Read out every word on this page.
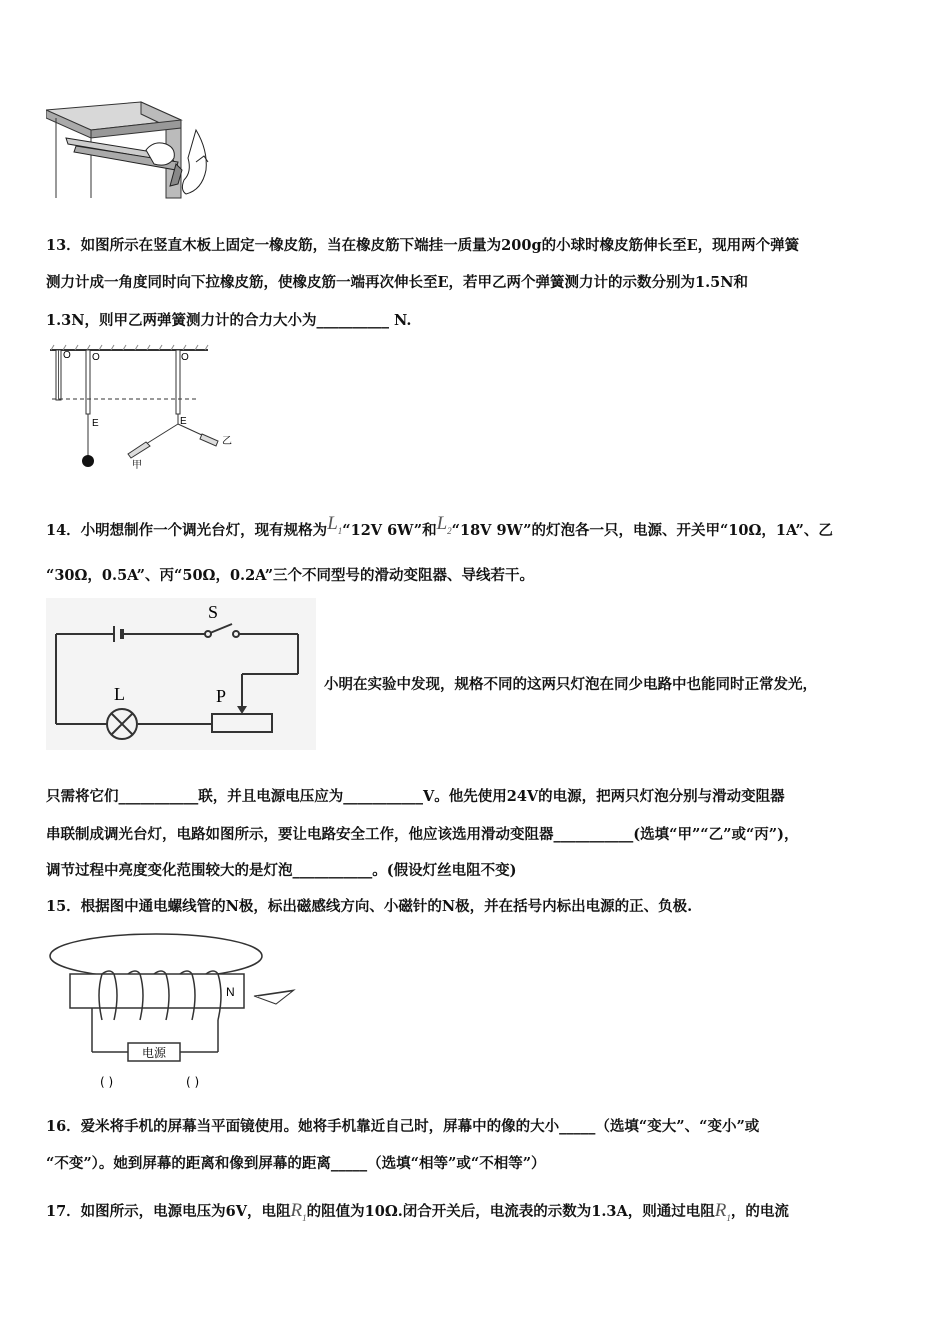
13．如图所示在竖直木板上固定一橡皮筋，当在橡皮筋下端挂一质量为200g的小球时橡皮筋伸长至E，现用两个弹簧
测力计成一角度同时向下拉橡皮筋，使橡皮筋一端再次伸长至E，若甲乙两个弹簧测力计的示数分别为1.5N和
1.3N，则甲乙两弹簧测力计的合力大小为__________ N.
O O	O
E	E
甲
乙
14．小明想制作一个调光台灯，现有规格为$L_1“12V$ 6W”和$L_2“18V$ 9W”的灯泡各一只，电源、开关甲“10Ω，1A”、乙
“30Ω，0.5A”、丙“50Ω，0.2A”三个不同型号的滑动变阻器、导线若干。
S
L	P
小明在实验中发现，规格不同的这两只灯泡在同少电路中也能同时正常发光，
只需将它们___________联，并且电源电压应为___________V。他先使用24V的电源，把两只灯泡分别与滑动变阻器
串联制成调光台灯，电路如图所示，要让电路安全工作，他应该选用滑动变阻器___________(选填“甲”“乙”或“丙”)，
调节过程中亮度变化范围较大的是灯泡___________。(假设灯丝电阻不变)
15．根据图中通电螺线管的N极，标出磁感线方向、小磁针的N极，并在括号内标出电源的正、负极.
N
电源
( )	( )
16．爱米将手机的屏幕当平面镜使用。她将手机靠近自己时，屏幕中的像的大小_____（选填“变大”、“变小”或
“不变”）。她到屏幕的距离和像到屏幕的距离_____（选填“相等”或“不相等”）
17．如图所示，电源电压为6V，电阻$R_1$的阻值为10Ω.闭合开关后，电流表的示数为1.3A，则通过电阻$R_1$，的电流
